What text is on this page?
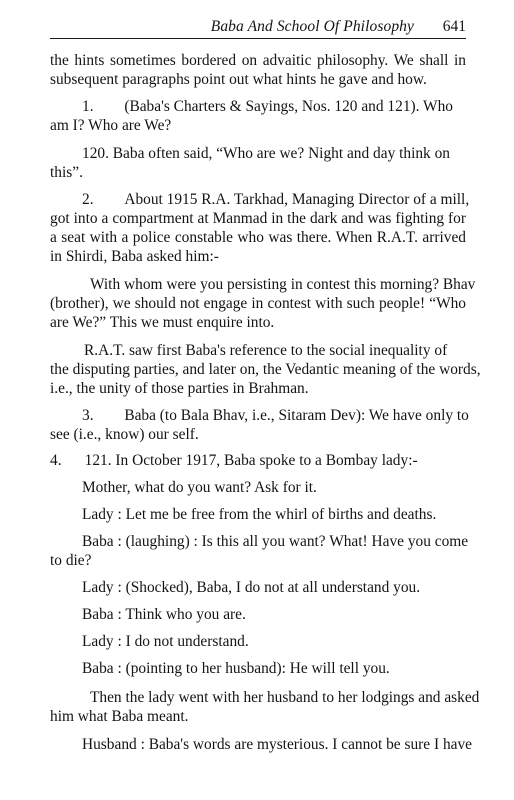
Baba And School Of Philosophy 641
the hints sometimes bordered on advaitic philosophy. We shall in
subsequent paragraphs point out what hints he gave and how.
1.        (Baba's Charters & Sayings, Nos. 120 and 121). Who
am I? Who are We?
120. Baba often said, “Who are we? Night and day think on
this”.
2.        About 1915 R.A. Tarkhad, Managing Director of a mill,
got into a compartment at Manmad in the dark and was fighting for
a seat with a police constable who was there. When R.A.T. arrived
in Shirdi, Baba asked him:-
With whom were you persisting in contest this morning? Bhav
(brother), we should not engage in contest with such people! “Who
are We?” This we must enquire into.
R.A.T. saw first Baba's reference to the social inequality of
the disputing parties, and later on, the Vedantic meaning of the words,
i.e., the unity of those parties in Brahman.
3.        Baba (to Bala Bhav, i.e., Sitaram Dev): We have only to
see (i.e., know) our self.
4.      121. In October 1917, Baba spoke to a Bombay lady:-
Mother, what do you want? Ask for it.
Lady : Let me be free from the whirl of births and deaths.
Baba : (laughing) : Is this all you want? What! Have you come
to die?
Lady : (Shocked), Baba, I do not at all understand you.
Baba : Think who you are.
Lady : I do not understand.
Baba : (pointing to her husband): He will tell you.
Then the lady went with her husband to her lodgings and asked
him what Baba meant.
Husband : Baba's words are mysterious. I cannot be sure I have
